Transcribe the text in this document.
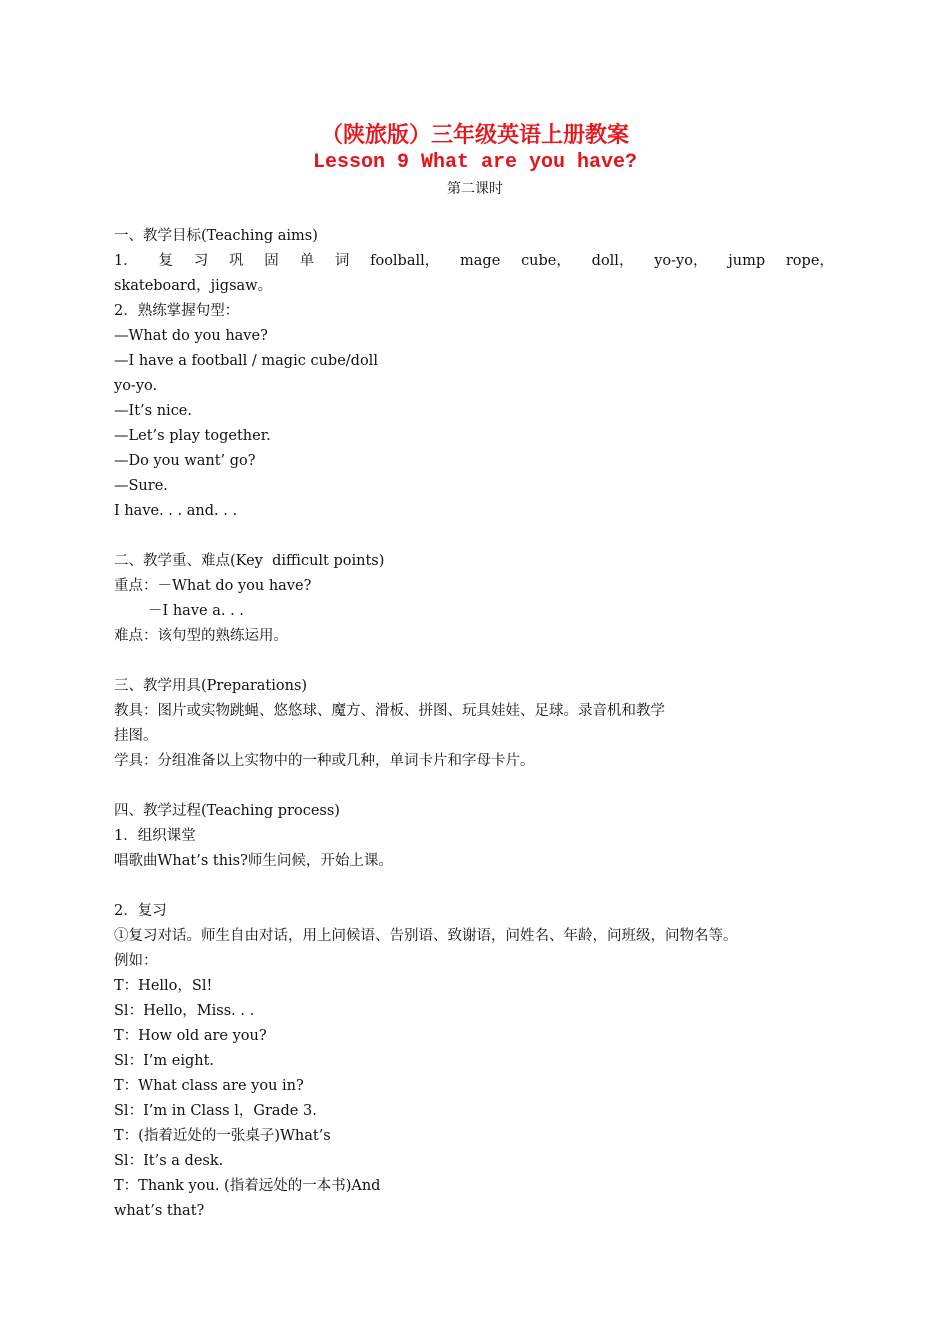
（陕旅版）三年级英语上册教案
Lesson 9 What are you have?
第二课时
一、教学目标(Teaching aims)
1． 复 习 巩 固 单 词 foolball， mage cube， doll， yo-yo， jump rope，
skateboard，jigsaw。
2．熟练掌握句型：
—What do you have?
—I have a football / magic cube/doll
yo-yo.
—It’s nice.
—Let’s play together.
—Do you want’ go?
—Sure.
I have. . . and. . .
二、教学重、难点(Key  difficult points)
重点：－What do you have?
－I have a. . .
难点：该句型的熟练运用。
三、教学用具(Preparations)
教具：图片或实物跳蝇、悠悠球、魔方、滑板、拼图、玩具娃娃、足球。录音机和教学
挂图。
学具：分组准备以上实物中的一种或几种，单词卡片和字母卡片。
四、教学过程(Teaching process)
1．组织课堂
唱歌曲What’s this?师生问候，开始上课。
2．复习
①复习对话。师生自由对话，用上问候语、告别语、致谢语，问姓名、年龄，问班级，问物名等。
例如：
T：Hello，Sl!
Sl：Hello，Miss. . .
T：How old are you?
Sl：I’m eight.
T：What class are you in?
Sl：I’m in Class l，Grade 3.
T：(指着近处的一张桌子)What’s
Sl：It’s a desk.
T：Thank you. (指着远处的一本书)And
what’s that?
